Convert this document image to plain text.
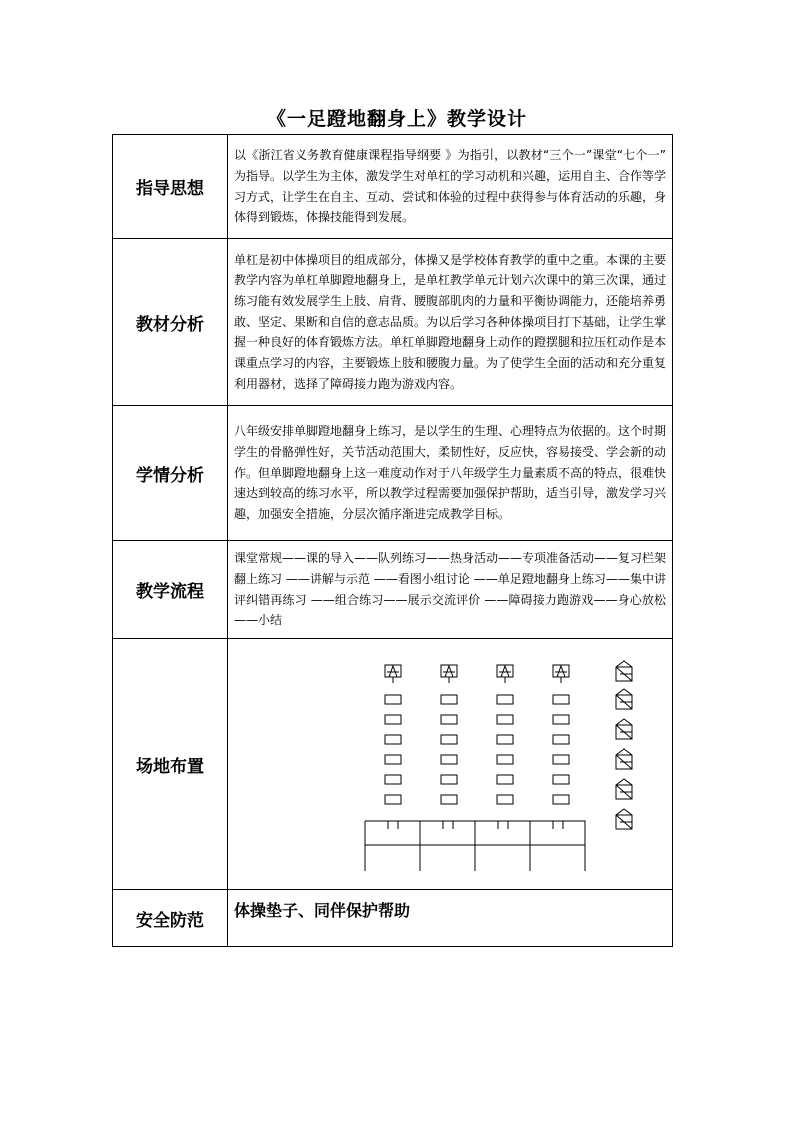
《一足蹬地翻身上》教学设计
指导思想	以《浙江省义务教育健康课程指导纲要 》为指引，以教材“三个一”课堂“七个一” 为指导。以学生为主体，激发学生对单杠的学习动机和兴趣，运用自主、合作等学习方式，让学生在自主、互动、尝试和体验的过程中获得参与体育活动的乐趣，身体得到锻炼，体操技能得到发展。
教材分析	单杠是初中体操项目的组成部分，体操又是学校体育教学的重中之重。本课的主要教学内容为单杠单脚蹬地翻身上，是单杠教学单元计划六次课中的第三次课，通过练习能有效发展学生上肢、肩背、腰腹部肌肉的力量和平衡协调能力，还能培养勇敢、坚定、果断和自信的意志品质。为以后学习各种体操项目打下基础，让学生掌握一种良好的体育锻炼方法。单杠单脚蹬地翻身上动作的蹬摆腿和拉压杠动作是本课重点学习的内容，主要锻炼上肢和腰腹力量。为了使学生全面的活动和充分重复利用器材，选择了障碍接力跑为游戏内容。
学情分析	八年级安排单脚蹬地翻身上练习，是以学生的生理、心理特点为依据的。这个时期学生的骨骼弹性好，关节活动范围大，柔韧性好，反应快，容易接受、学会新的动作。但单脚蹬地翻身上这一难度动作对于八年级学生力量素质不高的特点，很难快速达到较高的练习水平，所以教学过程需要加强保护帮助，适当引导，激发学习兴趣，加强安全措施，分层次循序渐进完成教学目标。
教学流程	课堂常规——课的导入——队列练习——热身活动——专项准备活动——复习栏架翻上练习 ——讲解与示范 ——看图小组讨论 ——单足蹬地翻身上练习——集中讲评纠错再练习 ——组合练习——展示交流评价 ——障碍接力跑游戏——身心放松——小结
场地布置	

安全防范	体操垫子、同伴保护帮助
